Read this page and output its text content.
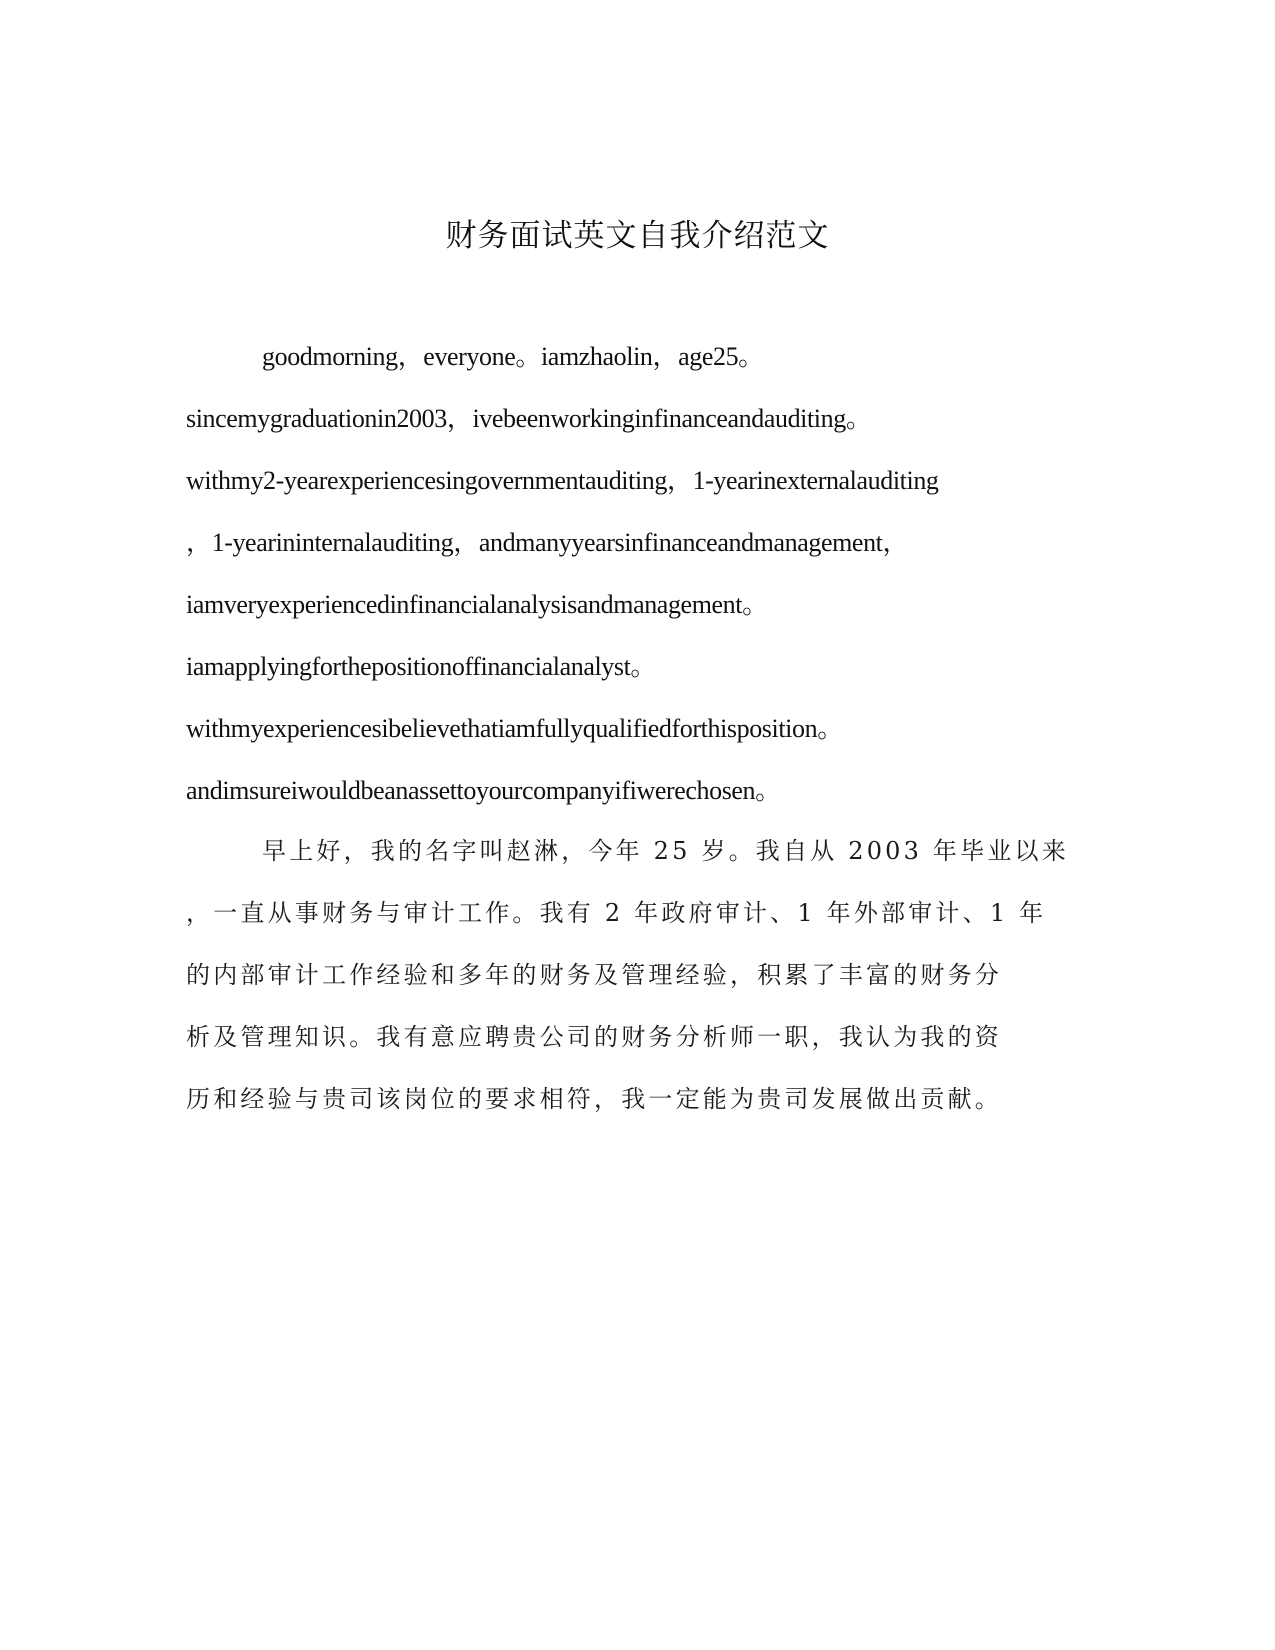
财务面试英文自我介绍范文
goodmorning，everyone。iamzhaolin，age25。
sincemygraduationin2003，ivebeenworkinginfinanceandauditing。
withmy2-yearexperiencesingovernmentauditing，1-yearinexternalauditing
，1-yearininternalauditing，andmanyyearsinfinanceandmanagement，
iamveryexperiencedinfinancialanalysisandmanagement。
iamapplyingforthepositionoffinancialanalyst。
withmyexperiencesibelievethatiamfullyqualifiedforthisposition。
andimsureiwouldbeanassettoyourcompanyifiwerechosen。
早上好，我的名字叫赵淋，今年 25 岁。我自从 2003 年毕业以来
，一直从事财务与审计工作。我有 2 年政府审计、1 年外部审计、1 年
的内部审计工作经验和多年的财务及管理经验，积累了丰富的财务分
析及管理知识。我有意应聘贵公司的财务分析师一职，我认为我的资
历和经验与贵司该岗位的要求相符，我一定能为贵司发展做出贡献。
